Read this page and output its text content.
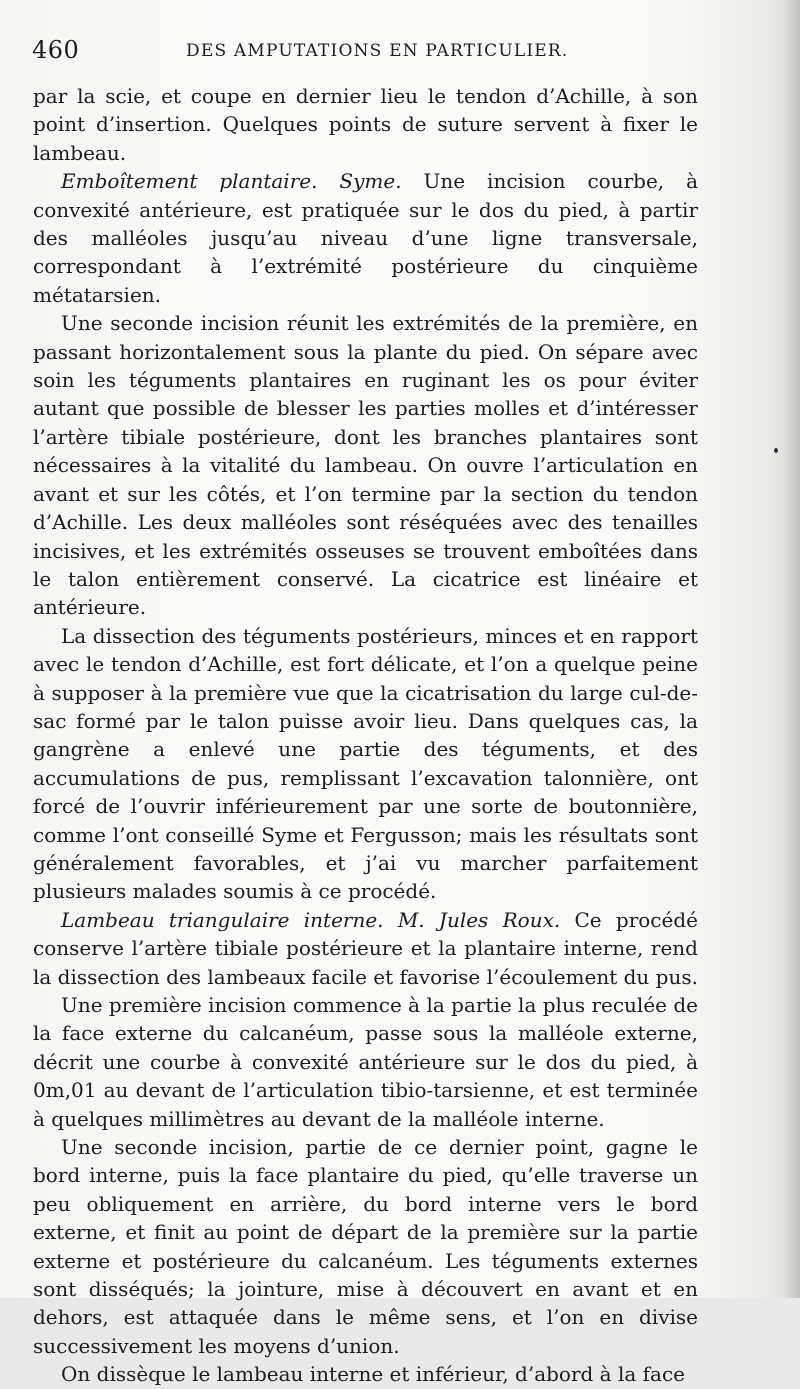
460	DES AMPUTATIONS EN PARTICULIER.

par la scie, et coupe en dernier lieu le tendon d’Achille, à son point d’insertion. Quelques points de suture servent à fixer le lambeau.

Emboîtement plantaire. Syme. Une incision courbe, à convexité antérieure, est pratiquée sur le dos du pied, à partir des malléoles jusqu’au niveau d’une ligne transversale, correspondant à l’extrémité postérieure du cinquième métatarsien.

Une seconde incision réunit les extrémités de la première, en passant horizontalement sous la plante du pied. On sépare avec soin les téguments plantaires en ruginant les os pour éviter autant que possible de blesser les parties molles et d’intéresser l’artère tibiale postérieure, dont les branches plantaires sont nécessaires à la vitalité du lambeau. On ouvre l’articulation en avant et sur les côtés, et l’on termine par la section du tendon d’Achille. Les deux malléoles sont réséquées avec des tenailles incisives, et les extrémités osseuses se trouvent emboîtées dans le talon entièrement conservé. La cicatrice est linéaire et antérieure.

La dissection des téguments postérieurs, minces et en rapport avec le tendon d’Achille, est fort délicate, et l’on a quelque peine à supposer à la première vue que la cicatrisation du large cul-de-sac formé par le talon puisse avoir lieu. Dans quelques cas, la gangrène a enlevé une partie des téguments, et des accumulations de pus, remplissant l’excavation talonnière, ont forcé de l’ouvrir inférieurement par une sorte de boutonnière, comme l’ont conseillé Syme et Fergusson; mais les résultats sont généralement favorables, et j’ai vu marcher parfaitement plusieurs malades soumis à ce procédé.

Lambeau triangulaire interne. M. Jules Roux. Ce procédé conserve l’artère tibiale postérieure et la plantaire interne, rend la dissection des lambeaux facile et favorise l’écoulement du pus.

Une première incision commence à la partie la plus reculée de la face externe du calcanéum, passe sous la malléole externe, décrit une courbe à convexité antérieure sur le dos du pied, à 0m,01 au devant de l’articulation tibio-tarsienne, et est terminée à quelques millimètres au devant de la malléole interne.

Une seconde incision, partie de ce dernier point, gagne le bord interne, puis la face plantaire du pied, qu’elle traverse un peu obliquement en arrière, du bord interne vers le bord externe, et finit au point de départ de la première sur la partie externe et postérieure du calcanéum. Les téguments externes sont disséqués; la jointure, mise à découvert en avant et en dehors, est attaquée dans le même sens, et l’on en divise successivement les moyens d’union.

On dissèque le lambeau interne et inférieur, d’abord à la face
